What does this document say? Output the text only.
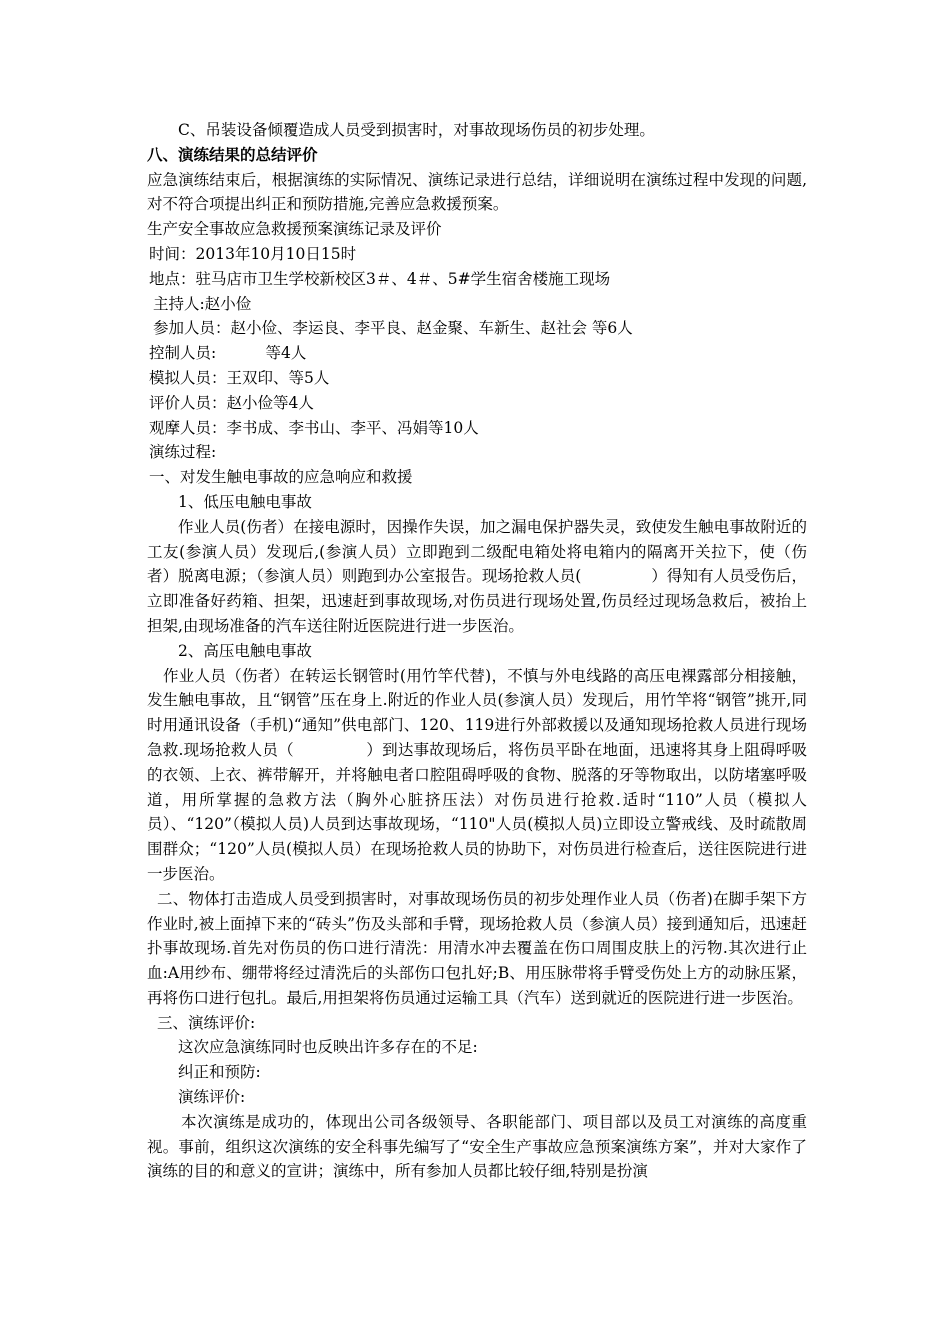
C、吊装设备倾覆造成人员受到损害时，对事故现场伤员的初步处理。
八、演练结果的总结评价
应急演练结束后，根据演练的实际情况、演练记录进行总结，详细说明在演练过程中发现的问题,对不符合项提出纠正和预防措施,完善应急救援预案。
生产安全事故应急救援预案演练记录及评价
时间：2013年10月10日15时
地点：驻马店市卫生学校新校区3＃、4＃、5#学生宿舍楼施工现场
主持人:赵小俭
参加人员：赵小俭、李运良、李平良、赵金聚、车新生、赵社会 等6人
控制人员:          等4人
模拟人员：王双印、等5人
评价人员：赵小俭等4人
观摩人员：李书成、李书山、李平、冯娟等10人
演练过程:
一、对发生触电事故的应急响应和救援
1、低压电触电事故
作业人员(伤者）在接电源时，因操作失误，加之漏电保护器失灵，致使发生触电事故附近的工友(参演人员）发现后,(参演人员）立即跑到二级配电箱处将电箱内的隔离开关拉下，使（伤者）脱离电源；（参演人员）则跑到办公室报告。现场抢救人员(              ）得知有人员受伤后，立即准备好药箱、担架，迅速赶到事故现场,对伤员进行现场处置,伤员经过现场急救后，被抬上担架,由现场准备的汽车送往附近医院进行进一步医治。
2、高压电触电事故
作业人员（伤者）在转运长钢管时(用竹竿代替)，不慎与外电线路的高压电裸露部分相接触，发生触电事故，且“钢管”压在身上.附近的作业人员(参演人员）发现后，用竹竿将“钢管”挑开,同时用通讯设备（手机)“通知”供电部门、120、119进行外部救援以及通知现场抢救人员进行现场急救.现场抢救人员（              ）到达事故现场后，将伤员平卧在地面，迅速将其身上阻碍呼吸的衣领、上衣、裤带解开，并将触电者口腔阻碍呼吸的食物、脱落的牙等物取出，以防堵塞呼吸道，用所掌握的急救方法（胸外心脏挤压法）对伤员进行抢救.适时“110”人员（模拟人员）、“120”（模拟人员)人员到达事故现场，“110"人员(模拟人员)立即设立警戒线、及时疏散周围群众；“120”人员(模拟人员）在现场抢救人员的协助下，对伤员进行检查后，送往医院进行进一步医治。
二、物体打击造成人员受到损害时，对事故现场伤员的初步处理作业人员（伤者)在脚手架下方作业时,被上面掉下来的“砖头”伤及头部和手臂，现场抢救人员（参演人员）接到通知后，迅速赶扑事故现场.首先对伤员的伤口进行清洗：用清水冲去覆盖在伤口周围皮肤上的污物.其次进行止血:A用纱布、绷带将经过清洗后的头部伤口包扎好;B、用压脉带将手臂受伤处上方的动脉压紧，再将伤口进行包扎。最后,用担架将伤员通过运输工具（汽车）送到就近的医院进行进一步医治。
三、演练评价:
这次应急演练同时也反映出许多存在的不足:
纠正和预防:
演练评价:
本次演练是成功的，体现出公司各级领导、各职能部门、项目部以及员工对演练的高度重视。事前，组织这次演练的安全科事先编写了“安全生产事故应急预案演练方案”，并对大家作了演练的目的和意义的宣讲；演练中，所有参加人员都比较仔细,特别是扮演
